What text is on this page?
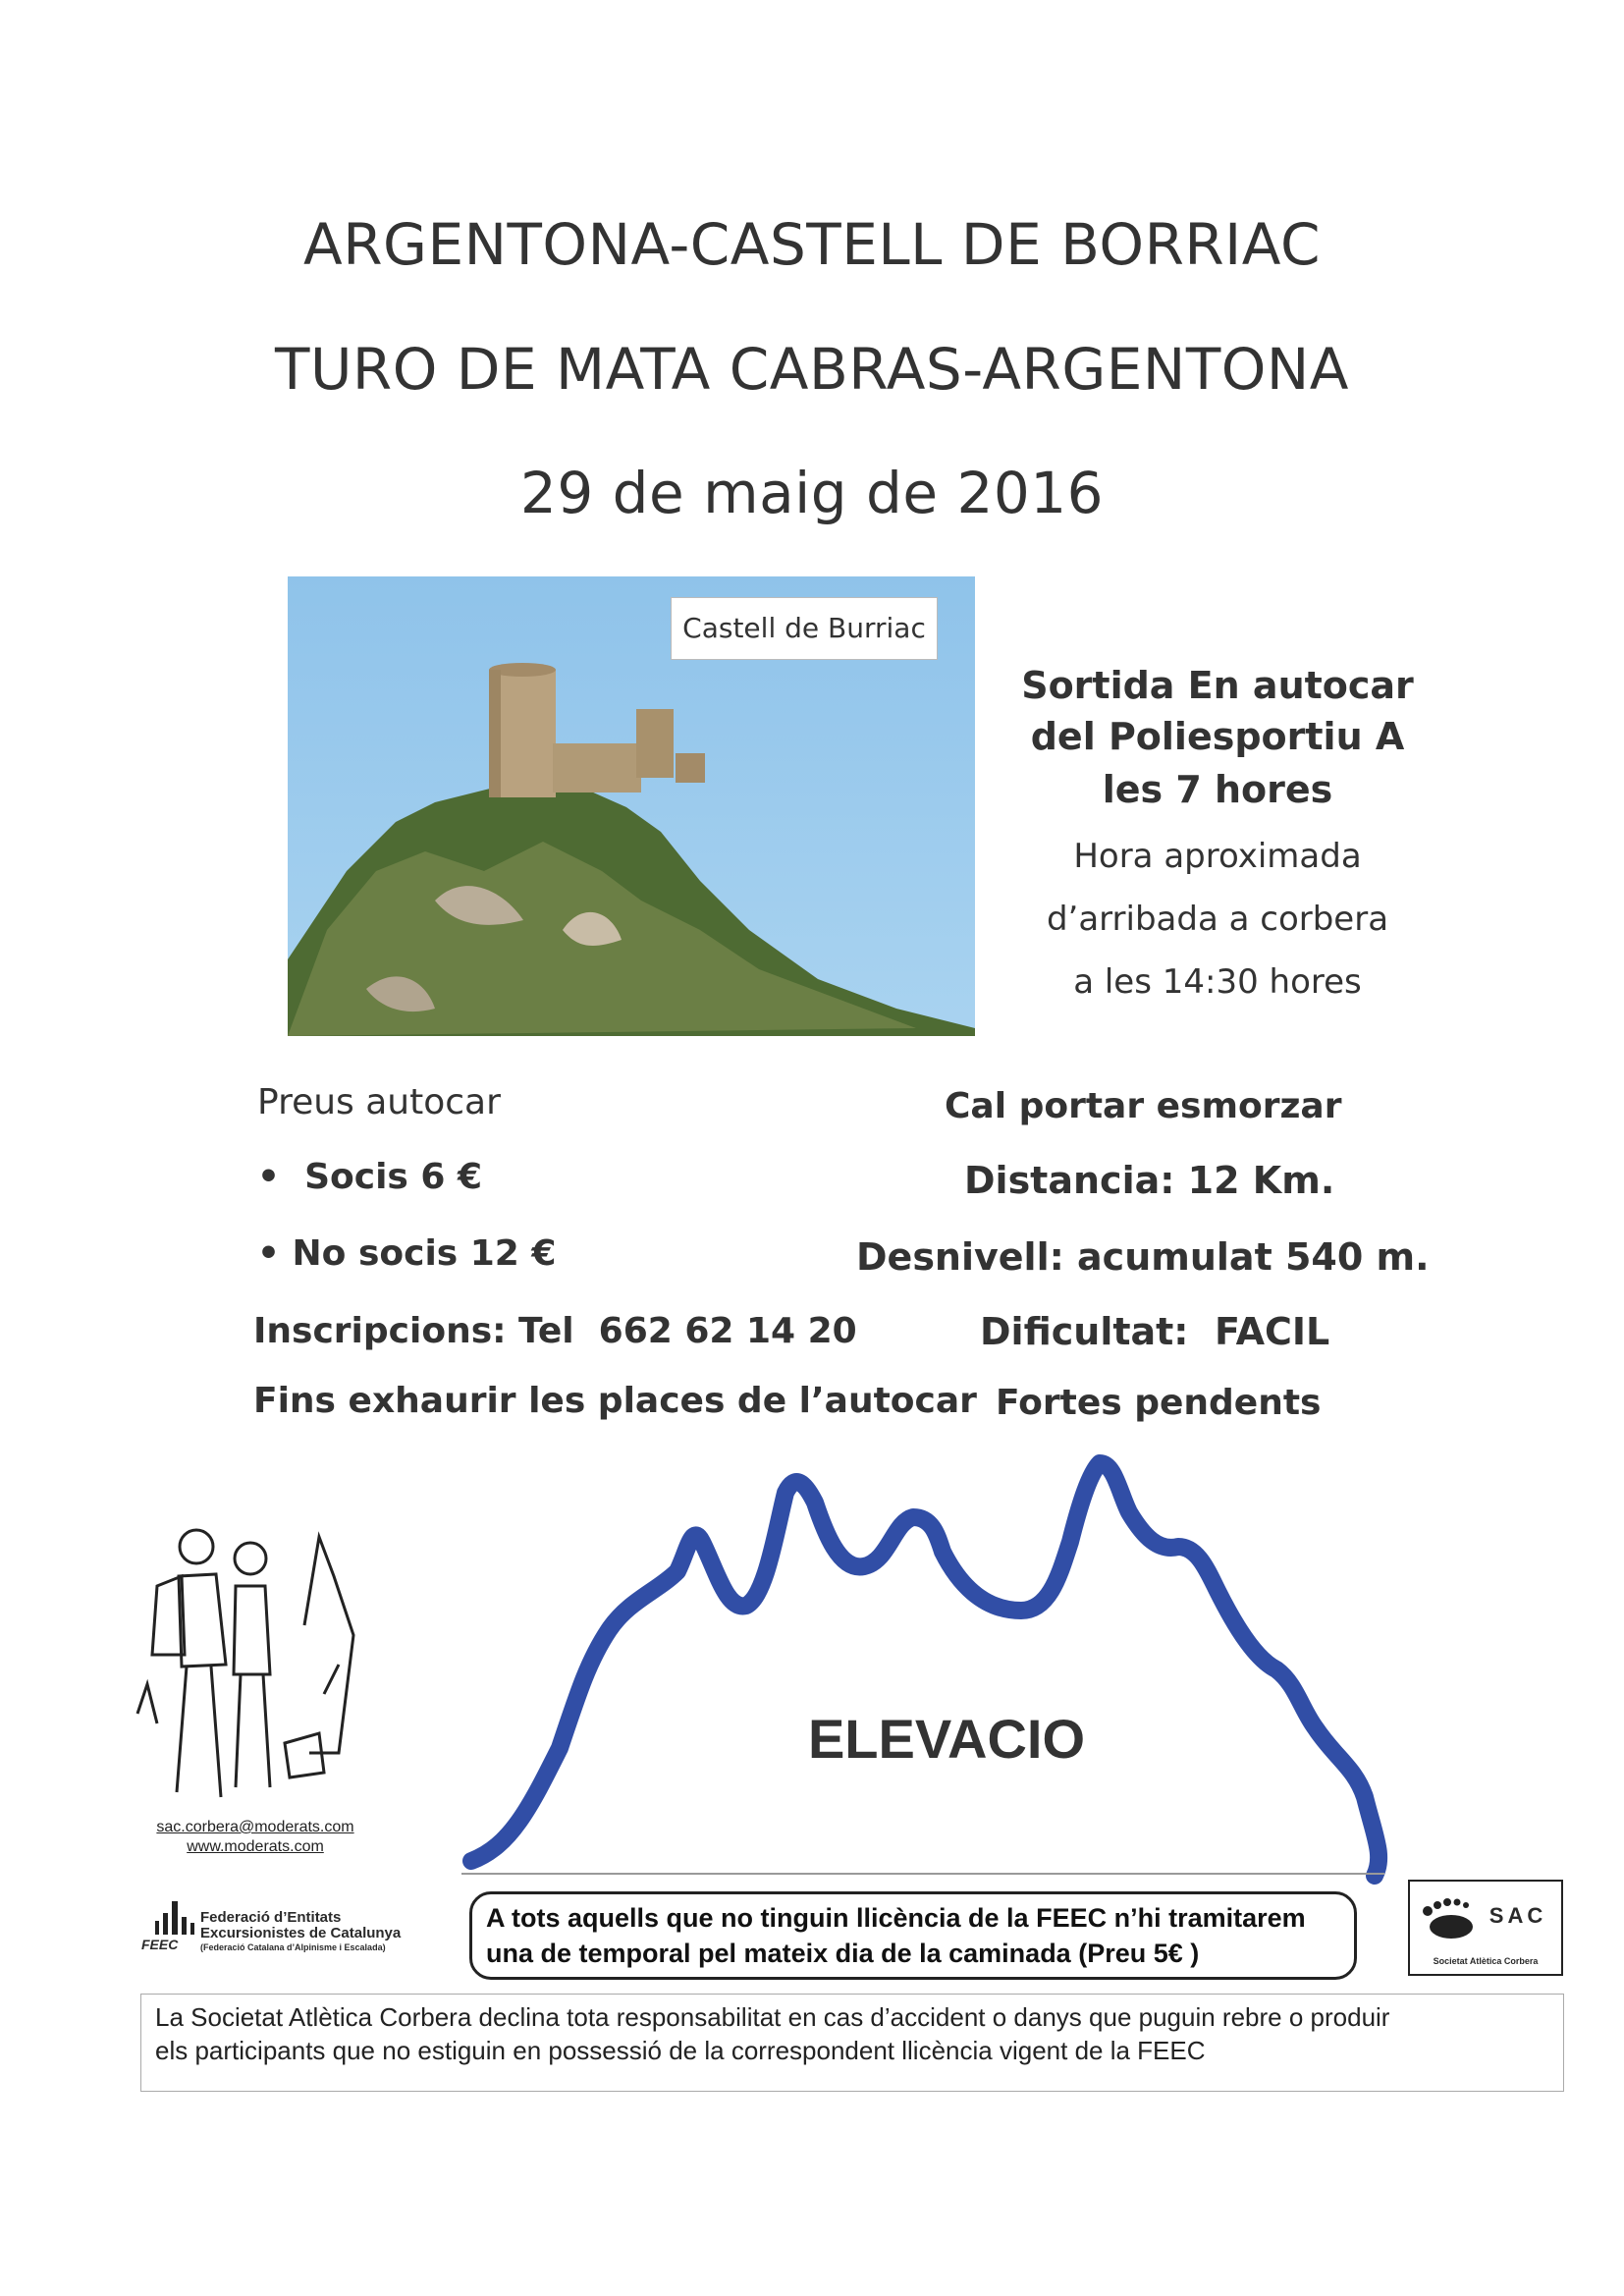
ARGENTONA-CASTELL DE BORRIAC
TURO DE MATA CABRAS-ARGENTONA
29 de maig de 2016
Castell de Burriac
Sortida En autocar
del Poliesportiu A
les 7 hores
Hora aproximada
d’arribada a corbera
a les 14:30 hores
Preus autocar
•  Socis 6 €
• No socis 12 €
Inscripcions: Tel  662 62 14 20
Fins exhaurir les places de l’autocar
Cal portar esmorzar
Distancia: 12 Km.
Desnivell: acumulat 540 m.
Dificultat:  FACIL
Fortes pendents
ELEVACIO
sac.corbera@moderats.com
www.moderats.com
FEEC
Federació d’Entitats
Excursionistes de Catalunya
(Federació Catalana d’Alpinisme i Escalada)
A tots aquells que no tinguin llicència de la FEEC n’hi tramitarem
una de temporal pel mateix dia de la caminada (Preu 5€ )
SAC
Societat Atlètica Corbera
La Societat Atlètica Corbera declina tota responsabilitat en cas d’accident o danys que puguin rebre o produir
els participants que no estiguin en possessió de la correspondent llicència vigent de la FEEC
